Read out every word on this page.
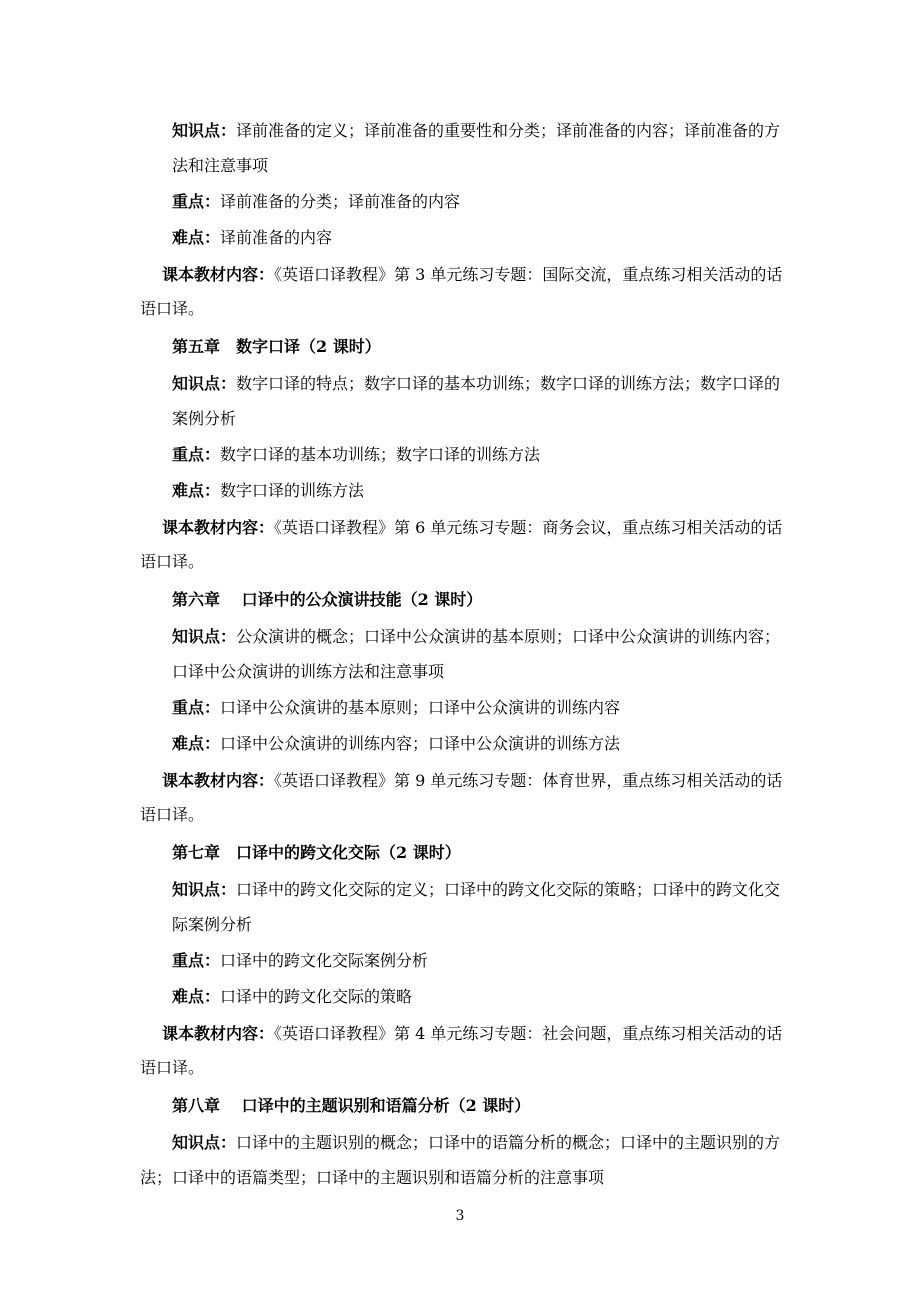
知识点：译前准备的定义；译前准备的重要性和分类；译前准备的内容；译前准备的方
法和注意事项
重点：译前准备的分类；译前准备的内容
难点：译前准备的内容
课本教材内容：《英语口译教程》第 3 单元练习专题：国际交流，重点练习相关活动的话
语口译。
第五章　数字口译（2 课时）
知识点：数字口译的特点；数字口译的基本功训练；数字口译的训练方法；数字口译的
案例分析
重点：数字口译的基本功训练；数字口译的训练方法
难点：数字口译的训练方法
课本教材内容：《英语口译教程》第 6 单元练习专题：商务会议，重点练习相关活动的话
语口译。
第六章　 口译中的公众演讲技能（2 课时）
知识点：公众演讲的概念；口译中公众演讲的基本原则；口译中公众演讲的训练内容；
口译中公众演讲的训练方法和注意事项
重点：口译中公众演讲的基本原则；口译中公众演讲的训练内容
难点：口译中公众演讲的训练内容；口译中公众演讲的训练方法
课本教材内容：《英语口译教程》第 9 单元练习专题：体育世界，重点练习相关活动的话
语口译。
第七章　口译中的跨文化交际（2 课时）
知识点：口译中的跨文化交际的定义；口译中的跨文化交际的策略；口译中的跨文化交
际案例分析
重点：口译中的跨文化交际案例分析
难点：口译中的跨文化交际的策略
课本教材内容：《英语口译教程》第 4 单元练习专题：社会问题，重点练习相关活动的话
语口译。
第八章　 口译中的主题识别和语篇分析（2 课时）
知识点：口译中的主题识别的概念；口译中的语篇分析的概念；口译中的主题识别的方
法；口译中的语篇类型；口译中的主题识别和语篇分析的注意事项
3
